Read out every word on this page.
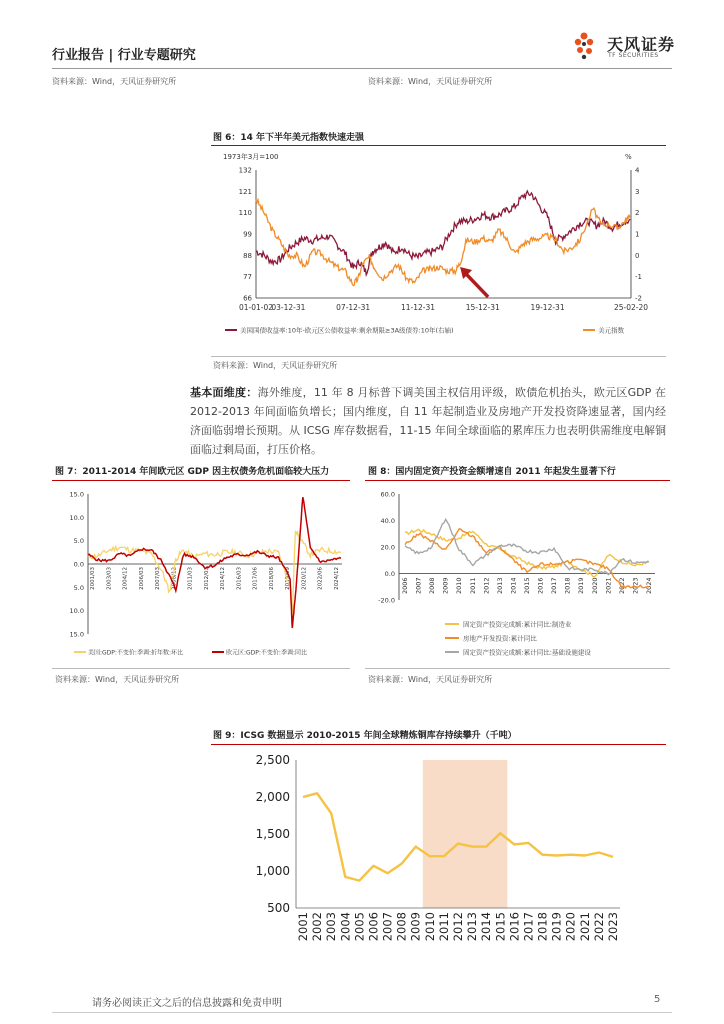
行业报告 | 行业专题研究
天风证券
TF SECURITIES
资料来源：Wind，天风证券研究所	资料来源：Wind，天风证券研究所
图 6：14 年下半年美元指数快速走强
1973年3月=100	%
132
121
110
99
88
77
66
4
3
2
1
0
-1
-2
01-01-02
03-12-31	07-12-31	11-12-31	15-12-31	19-12-31	25-02-20
美国国债收益率:10年-欧元区公债收益率:剩余期限≥3A级债券:10年(右轴)	美元指数
资料来源：Wind，天风证券研究所
基本面维度：海外维度，11 年 8 月标普下调美国主权信用评级，欧债危机抬头，欧元区GDP 在 2012-2013 年间面临负增长；国内维度，自 11 年起制造业及房地产开发投资降速显著，国内经济面临弱增长预期。从 ICSG 库存数据看，11-15 年间全球面临的累库压力也表明供需维度电解铜面临过剩局面，打压价格。
图 7：2011-2014 年间欧元区 GDP 因主权债务危机面临较大压力
15.0
10.0
5.0
0.0
5.0
10.0
15.0
2001/03 2003/03 2004/12 2006/03 2007/03 2008/12 2011/03 2012/03 2014/12 2016/03 2017/06 2018/06 2019/09 2020/12 2022/06 2024/12
美国:GDP:不变价:季调:折年数:环比	欧元区:GDP:不变价:季调:同比
资料来源：Wind，天风证券研究所
图 8：国内固定资产投资金额增速自 2011 年起发生显著下行
60.0
40.0
20.0
0.0
-20.0
2006 2007 2008 2009 2010 2011 2012 2013 2014 2015 2016 2017 2018 2019 2020 2021 2022 2023 2024
固定资产投资完成额:累计同比:制造业
房地产开发投资:累计同比
固定资产投资完成额:累计同比:基础设施建设
资料来源：Wind，天风证券研究所
图 9：ICSG 数据显示 2010-2015 年间全球精炼铜库存持续攀升（千吨）
2,500
2,000
1,500
1,000
500
2001 2002 2003 2004 2005 2006 2007 2008 2009 2010 2011 2012 2013 2014 2015 2016 2017 2018 2019 2020 2021 2022 2023
请务必阅读正文之后的信息披露和免责申明	5
